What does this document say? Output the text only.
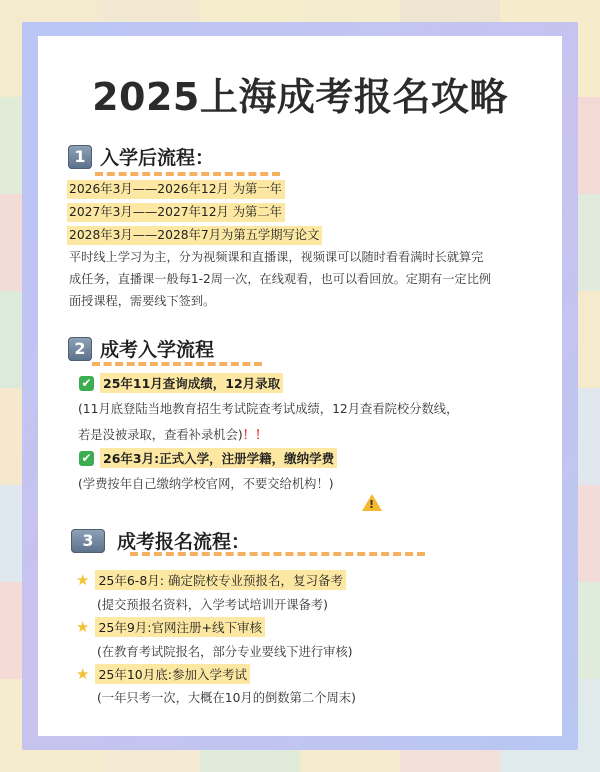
2025上海成考报名攻略
1 入学后流程：
2026年3月——2026年12月 为第一年
2027年3月——2027年12月 为第二年
2028年3月——2028年7月为第五学期写论文
平时线上学习为主，分为视频课和直播课，视频课可以随时看看满时长就算完
成任务，直播课一般每1-2周一次，在线观看，也可以看回放。定期有一定比例
面授课程，需要线下签到。
2 成考入学流程
✔ 25年11月查询成绩，12月录取
(11月底登陆当地教育招生考试院查考试成绩，12月查看院校分数线，
若是没被录取，查看补录机会)！！
✔ 26年3月:正式入学，注册学籍，缴纳学费
(学费按年自己缴纳学校官网，不要交给机构！)
!
3	成考报名流程：
★ 25年6-8月: 确定院校专业预报名，复习备考
(提交预报名资料，入学考试培训开课备考)
★ 25年9月:官网注册+线下审核
(在教育考试院报名，部分专业要线下进行审核)
★ 25年10月底:参加入学考试
(一年只考一次，大概在10月的倒数第二个周末)
